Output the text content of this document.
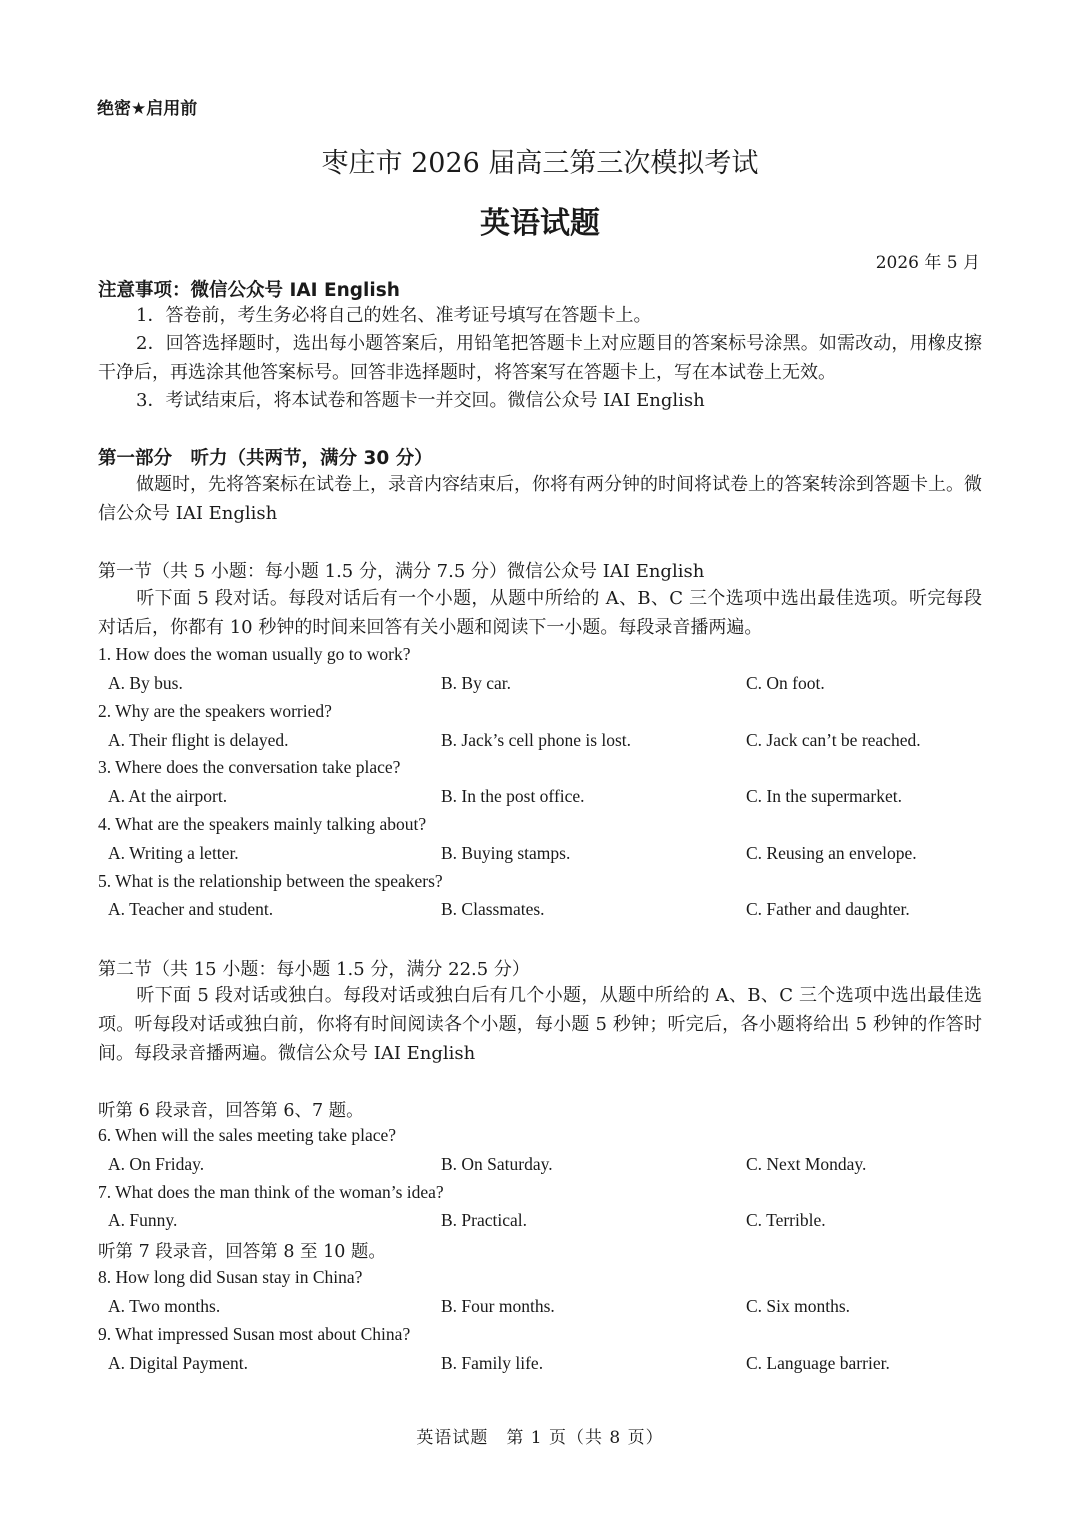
绝密★启用前
枣庄市 2026 届高三第三次模拟考试
英语试题
2026 年 5 月
注意事项：微信公众号 IAI English
1．答卷前，考生务必将自己的姓名、准考证号填写在答题卡上。
2．回答选择题时，选出每小题答案后，用铅笔把答题卡上对应题目的答案标号涂黑。如需改动，用橡皮擦干净后，再选涂其他答案标号。回答非选择题时，将答案写在答题卡上，写在本试卷上无效。
3．考试结束后，将本试卷和答题卡一并交回。微信公众号 IAI English
第一部分　听力（共两节，满分 30 分）
做题时，先将答案标在试卷上，录音内容结束后，你将有两分钟的时间将试卷上的答案转涂到答题卡上。微信公众号 IAI English
第一节（共 5 小题：每小题 1.5 分，满分 7.5 分）微信公众号 IAI English
听下面 5 段对话。每段对话后有一个小题，从题中所给的 A、B、C 三个选项中选出最佳选项。听完每段对话后，你都有 10 秒钟的时间来回答有关小题和阅读下一小题。每段录音播两遍。
1. How does the woman usually go to work?
A. By bus.	B. By car.	C. On foot.
2. Why are the speakers worried?
A. Their flight is delayed.	B. Jack’s cell phone is lost.	C. Jack can’t be reached.
3. Where does the conversation take place?
A. At the airport.	B. In the post office.	C. In the supermarket.
4. What are the speakers mainly talking about?
A. Writing a letter.	B. Buying stamps.	C. Reusing an envelope.
5. What is the relationship between the speakers?
A. Teacher and student.	B. Classmates.	C. Father and daughter.
第二节（共 15 小题：每小题 1.5 分，满分 22.5 分）
听下面 5 段对话或独白。每段对话或独白后有几个小题，从题中所给的 A、B、C 三个选项中选出最佳选项。听每段对话或独白前，你将有时间阅读各个小题，每小题 5 秒钟；听完后，各小题将给出 5 秒钟的作答时间。每段录音播两遍。微信公众号 IAI English
听第 6 段录音，回答第 6、7 题。
6. When will the sales meeting take place?
A. On Friday.	B. On Saturday.	C. Next Monday.
7. What does the man think of the woman’s idea?
A. Funny.	B. Practical.	C. Terrible.
听第 7 段录音，回答第 8 至 10 题。
8. How long did Susan stay in China?
A. Two months.	B. Four months.	C. Six months.
9. What impressed Susan most about China?
A. Digital Payment.	B. Family life.	C. Language barrier.
英语试题　第 1 页（共 8 页）
